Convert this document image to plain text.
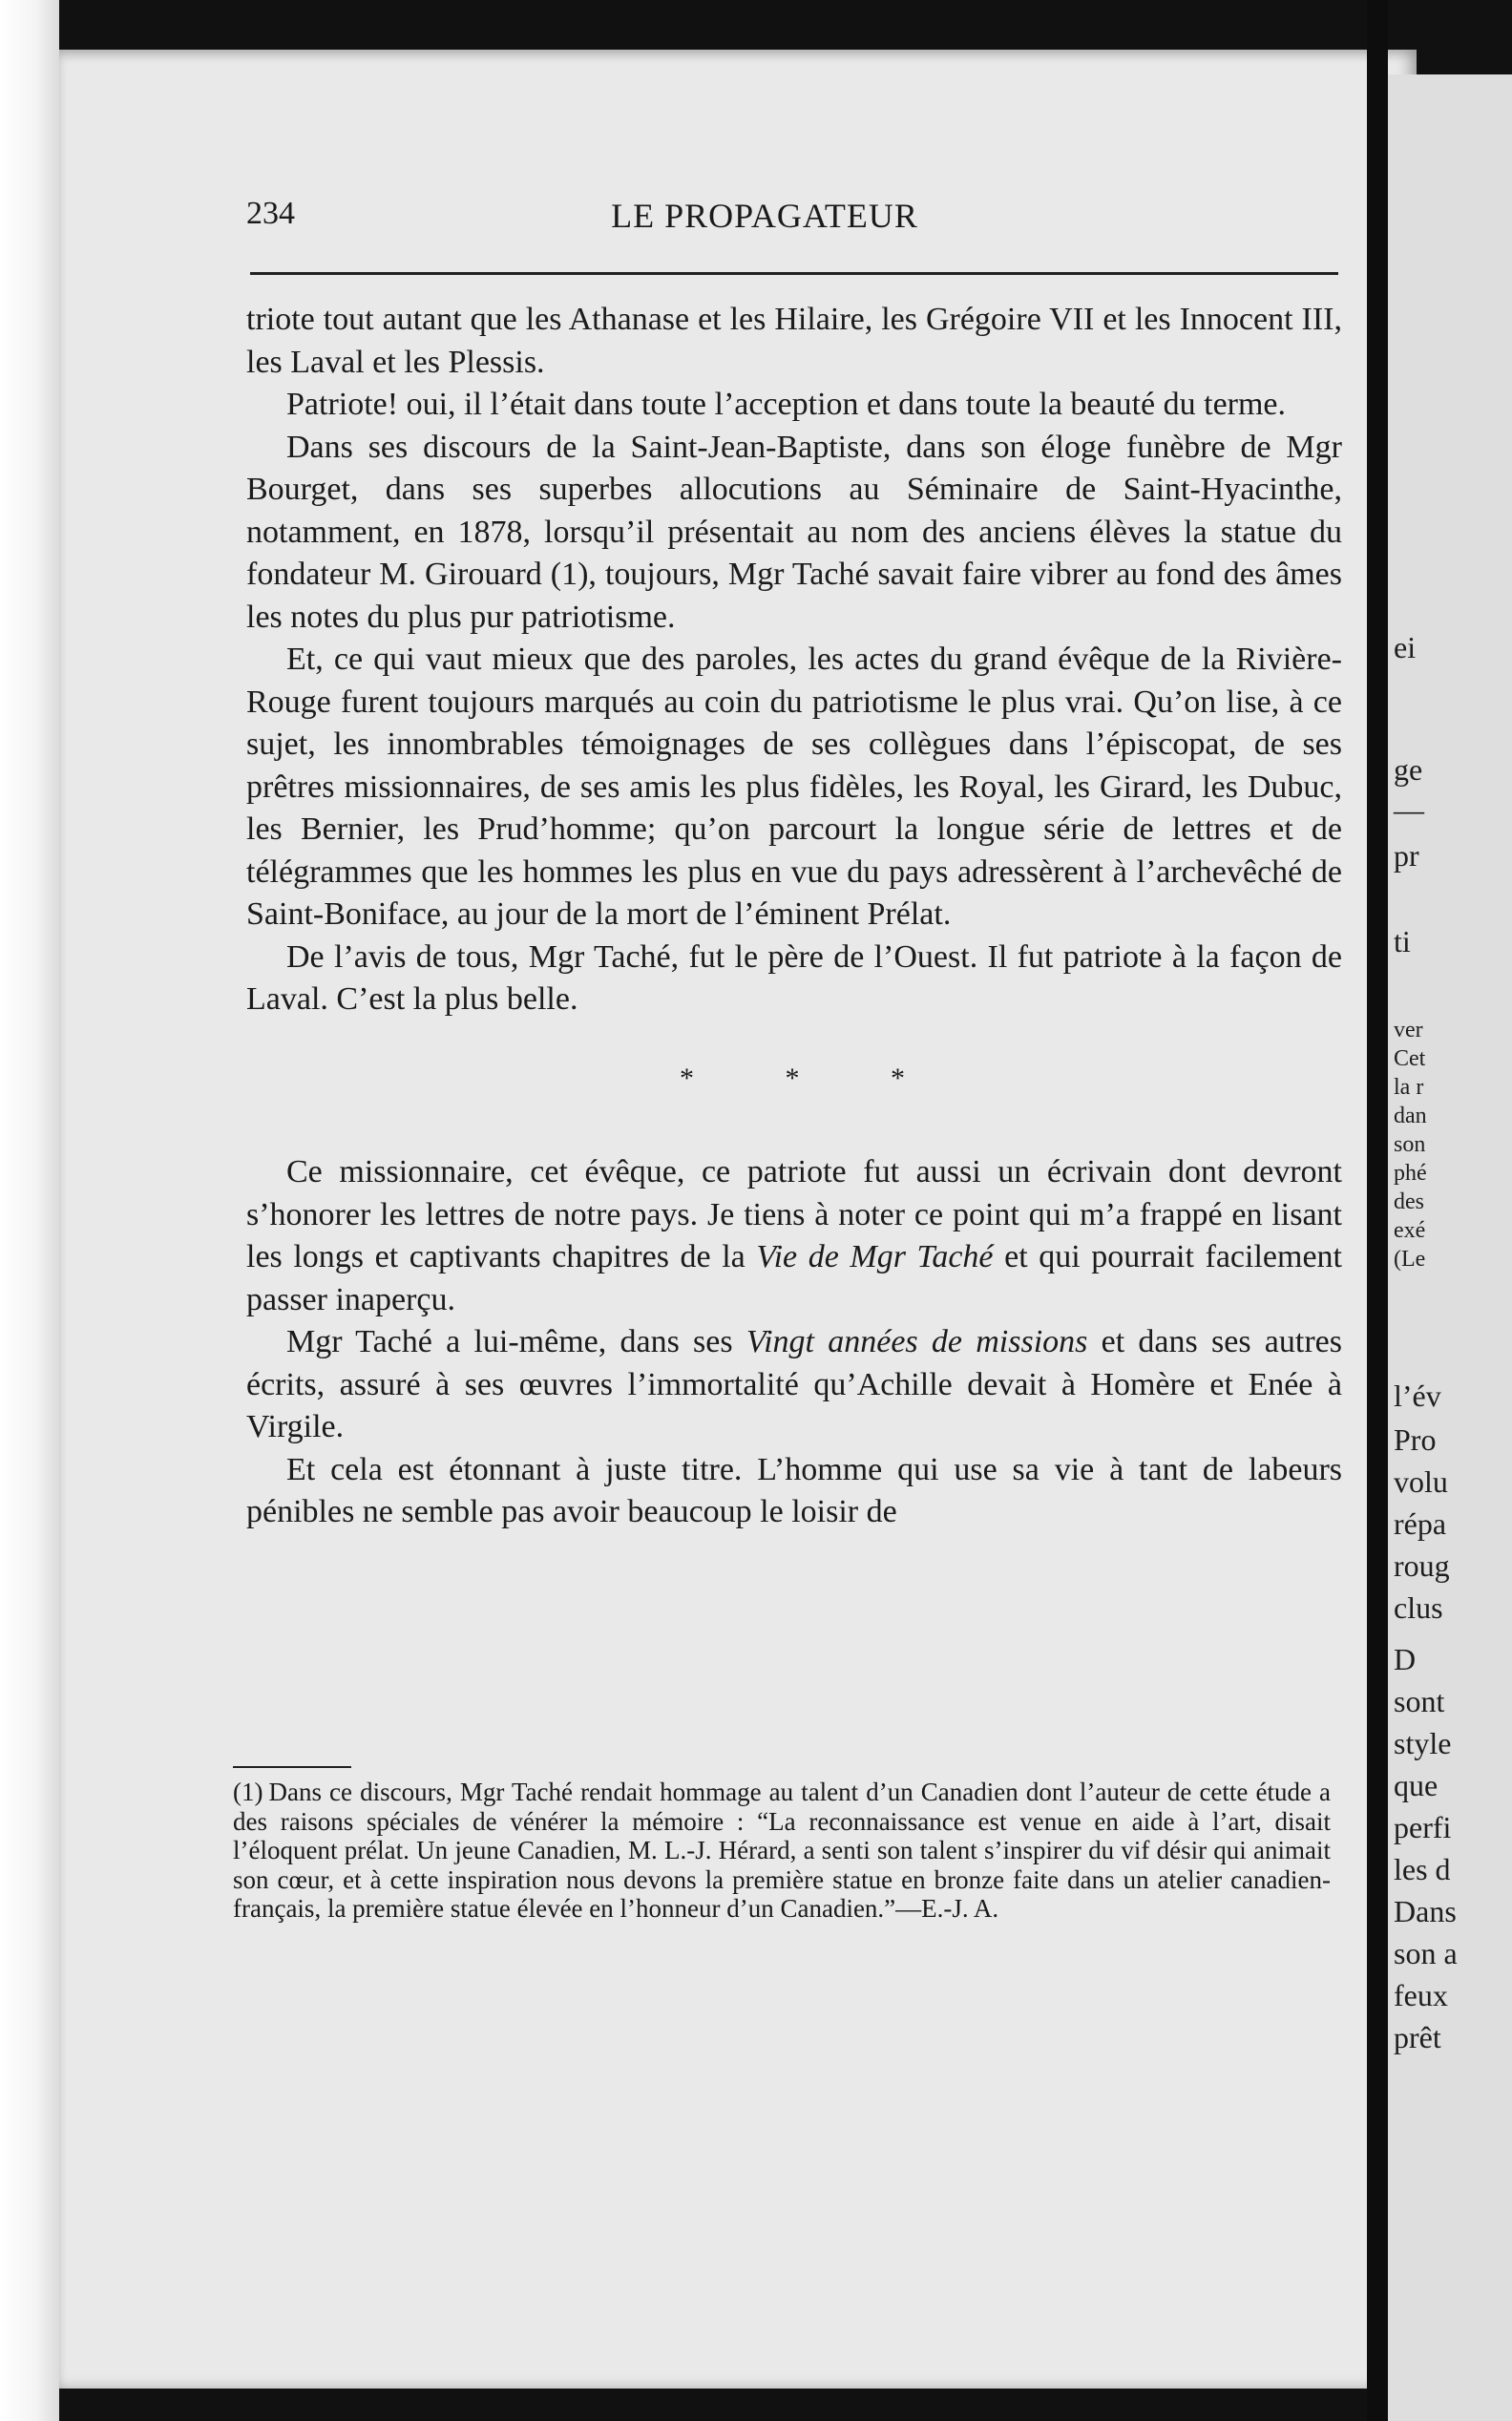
234	LE PROPAGATEUR

triote tout autant que les Athanase et les Hilaire, les Grégoire VII et les Innocent III, les Laval et les Plessis.

Patriote! oui, il l’était dans toute l’acception et dans toute la beauté du terme.

Dans ses discours de la Saint-Jean-Baptiste, dans son éloge funèbre de Mgr Bourget, dans ses superbes allocutions au Séminaire de Saint-Hyacinthe, notamment, en 1878, lorsqu’il présentait au nom des anciens élèves la statue du fondateur M. Girouard (1), toujours, Mgr Taché savait faire vibrer au fond des âmes les notes du plus pur patriotisme.

Et, ce qui vaut mieux que des paroles, les actes du grand évêque de la Rivière-Rouge furent toujours marqués au coin du patriotisme le plus vrai. Qu’on lise, à ce sujet, les innombrables témoignages de ses collègues dans l’épiscopat, de ses prêtres missionnaires, de ses amis les plus fidèles, les Royal, les Girard, les Dubuc, les Bernier, les Prud’homme; qu’on parcourt la longue série de lettres et de télégrammes que les hommes les plus en vue du pays adressèrent à l’archevêché de Saint-Boniface, au jour de la mort de l’éminent Prélat.

De l’avis de tous, Mgr Taché, fut le père de l’Ouest. Il fut patriote à la façon de Laval. C’est la plus belle.

* * *

Ce missionnaire, cet évêque, ce patriote fut aussi un écrivain dont devront s’honorer les lettres de notre pays. Je tiens à noter ce point qui m’a frappé en lisant les longs et captivants chapitres de la Vie de Mgr Taché et qui pourrait facilement passer inaperçu.

Mgr Taché a lui-même, dans ses Vingt années de missions et dans ses autres écrits, assuré à ses œuvres l’immortalité qu’Achille devait à Homère et Enée à Virgile.

Et cela est étonnant à juste titre. L’homme qui use sa vie à tant de labeurs pénibles ne semble pas avoir beaucoup le loisir de

(1) Dans ce discours, Mgr Taché rendait hommage au talent d’un Canadien dont l’auteur de cette étude a des raisons spéciales de vénérer la mémoire : “La reconnaissance est venue en aide à l’art, disait l’éloquent prélat. Un jeune Canadien, M. L.-J. Hérard, a senti son talent s’inspirer du vif désir qui animait son cœur, et à cette inspiration nous devons la première statue en bronze faite dans un atelier canadien-français, la première statue élevée en l’honneur d’un Canadien.”—E.-J. A.

ei

ge

—

pr

ti

ver

Cet

la r

dan

son

phé

des

exé

(Le

l’év

Pro

volu

répa

roug

clus

D

sont

style

que

perfi

les d

Dans

son a

feux

prêt
